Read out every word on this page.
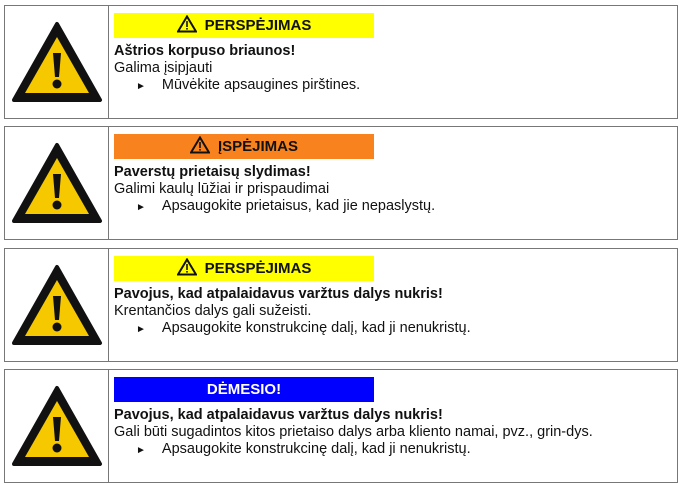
PERSPĖJIMAS
Aštrios korpuso briaunos!
Galima įsipjauti
► Mūvėkite apsaugines pirštines.
ĮSPĖJIMAS
Paverstų prietaisų slydimas!
Galimi kaulų lūžiai ir prispaudimai
► Apsaugokite prietaisus, kad jie nepaslystų.
PERSPĖJIMAS
Pavojus, kad atpalaidavus varžtus dalys nukris!
Krentančios dalys gali sužeisti.
► Apsaugokite konstrukcinę dalį, kad ji nenukristų.
DĖMESIO!
Pavojus, kad atpalaidavus varžtus dalys nukris!
Gali būti sugadintos kitos prietaiso dalys arba kliento namai, pvz., grin-dys.
► Apsaugokite konstrukcinę dalį, kad ji nenukristų.
